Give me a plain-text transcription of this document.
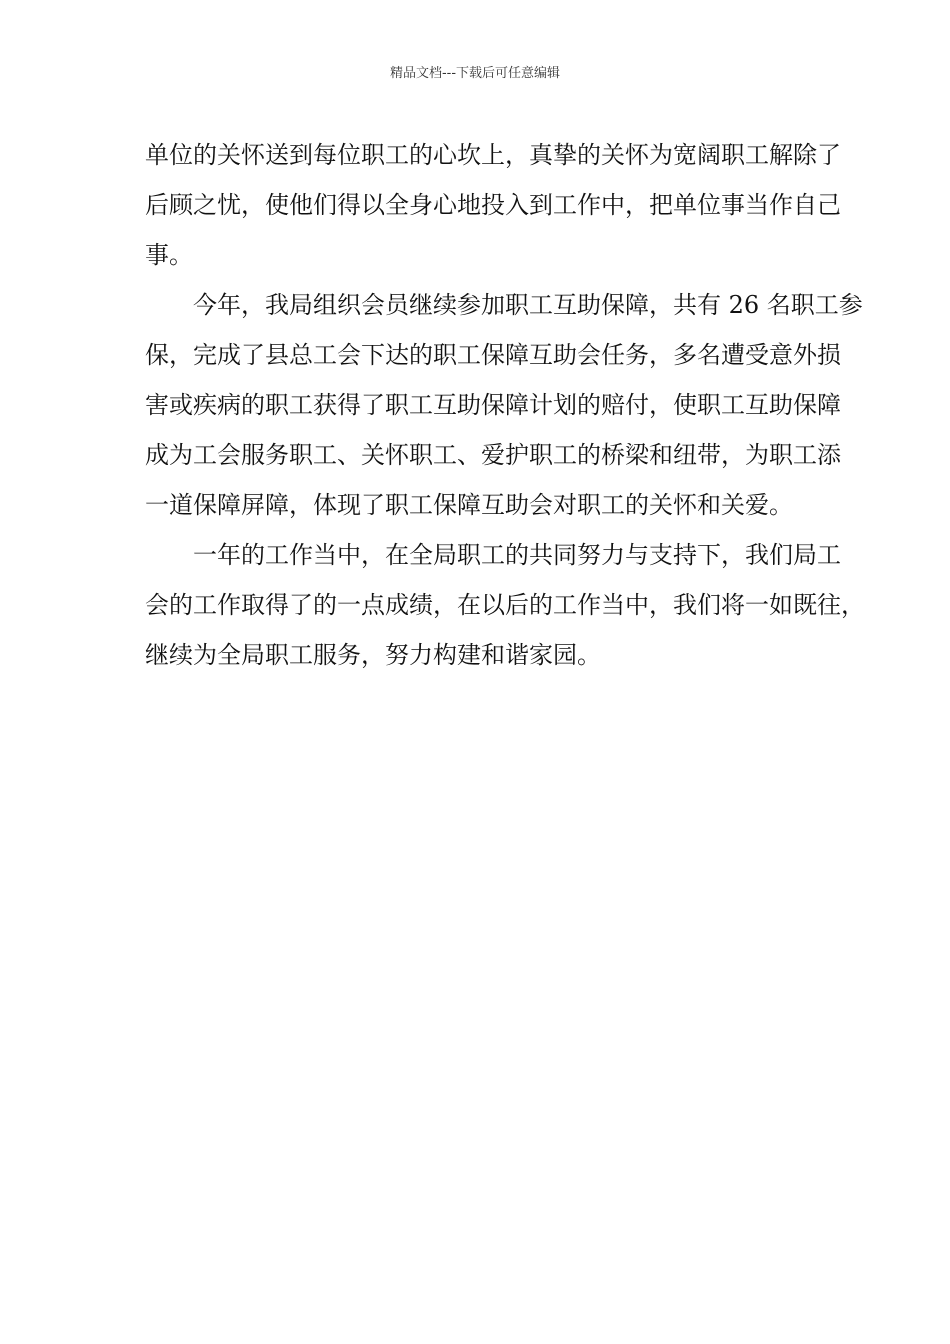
精品文档---下载后可任意编辑
单位的关怀送到每位职工的心坎上，真挚的关怀为宽阔职工解除了
后顾之忧，使他们得以全身心地投入到工作中，把单位事当作自己
事。
今年，我局组织会员继续参加职工互助保障，共有 26 名职工参
保，完成了县总工会下达的职工保障互助会任务，多名遭受意外损
害或疾病的职工获得了职工互助保障计划的赔付，使职工互助保障
成为工会服务职工、关怀职工、爱护职工的桥梁和纽带，为职工添
一道保障屏障，体现了职工保障互助会对职工的关怀和关爱。
一年的工作当中，在全局职工的共同努力与支持下，我们局工
会的工作取得了的一点成绩，在以后的工作当中，我们将一如既往，
继续为全局职工服务，努力构建和谐家园。
